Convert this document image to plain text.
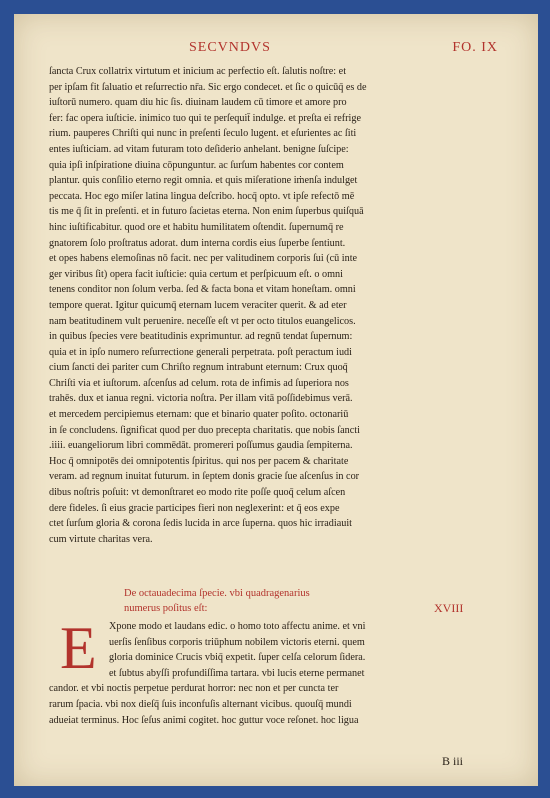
SECVNDVS	FO. IX
ſancta Crux collatrix virtutum et inicium ac perfectio eſt. ſalutis noſtre: et
per ipſam fit ſaluatio et reſurrectio nr̄a. Sic ergo condecet. et ſic o quicūq̄ es de
iuſtorū numero. quam diu hic ſis. diuinam laudem cū timore et amore pro
fer: fac opera iuſticie. inimico tuo qui te perſequit̄ indulge. et preſta ei refrige
rium. pauperes Chriſti qui nunc in preſenti ſeculo lugent. et eſurientes ac ſiti
entes iuſticiam. ad vitam futuram toto deſiderio anhelant. benigne ſuſcipe:
quia ipſi inſpiratione diuina cōpunguntur. ac ſurſum habentes cor contem
plantur. quis conſilio eterno regit omnia. et quis miſeratione iṁenſa indulget
peccata. Hoc ego miſer latina lingua deſcribo. hocq̄ opto. vt ipſe refectō mē
tis me q̄ ſit in preſenti. et in futuro ſacietas eterna. Non enim ſuperbus quiſquā
hinc iuſtificabitur. quod ore et habitu humilitatem oſtendit. ſupernumq̄ re
gnatorem ſolo proſtratus adorat. dum interna cordis eius ſuperbe ſentiunt.
et opes habens elemoſinas nō facit. nec per valitudinem corporis ſui (cū inte
ger viribus ſit) opera facit iuſticie: quia certum et perſpicuum eſt. o omni
tenens conditor non ſolum verba. ſed & facta bona et vitam honeſtam. omni
tempore querat. Igitur quicumq̄ eternam lucem veraciter querit. & ad eter
nam beatitudinem vult peruenire. neceſſe eſt vt per octo titulos euangelicos.
in quibus ſpecies vere beatitudinis exprimuntur. ad regnū tendat ſupernum:
quia et in ipſo numero reſurrectione generali perpetrata. poſt peractum iudi
cium ſancti dei pariter cum Chriſto regnum intrabunt eternum: Crux quoq̄
Chriſti via et iuſtorum. aſcenſus ad celum. rota de infimis ad ſuperiora nos
trahēs. dux et ianua regni. victoria noſtra. Per illam vitā poſſidebimus verā.
et mercedem percipiemus eternam: que et binario quater poſito. octonariū
in ſe concludens. ſignificat quod per duo precepta charitatis. que nobis ſancti
.iiii. euangeliorum libri commēdāt. promereri poſſumus gaudia ſempiterna.
Hoc q̄ omnipotēs dei omnipotentis ſpiritus. qui nos per pacem & charitate
veram. ad regnum inuitat futurum. in ſeptem donis gracie ſue aſcenſus in cor
dibus noſtris poſuit: vt demonſtraret eo modo rite poſſe quoq̄ celum aſcen
dere fideles. ſi eius gracie participes fieri non neglexerint: et q̄ eos expe
ctet ſurſum gloria & corona ſedis lucida in arce ſuperna. quos hic irradiauit
cum virtute charitas vera.
De octauadecima ſpecie. vbi quadragenarius
numerus poſitus eſt:	XVIII
E	Xpone modo et laudans edic. o homo toto affectu anime. et vni
uerſis ſenſibus corporis triūphum nobilem victoris eterni. quem
gloria dominice Crucis vbiq̄ expetit. ſuper celſa celorum ſidera.
et ſubtus abyſſi profundiſſima tartara. vbi lucis eterne permanet
candor. et vbi noctis perpetue perdurat horror: nec non et per cuncta ter
rarum ſpacia. vbi nox dieſq̄ ſuis inconfuſis alternant vicibus. quouſq̄ mundi
adueiat terminus. Hoc ſeſus animi cogitet. hoc guttur voce reſonet. hoc ligua
B iii
